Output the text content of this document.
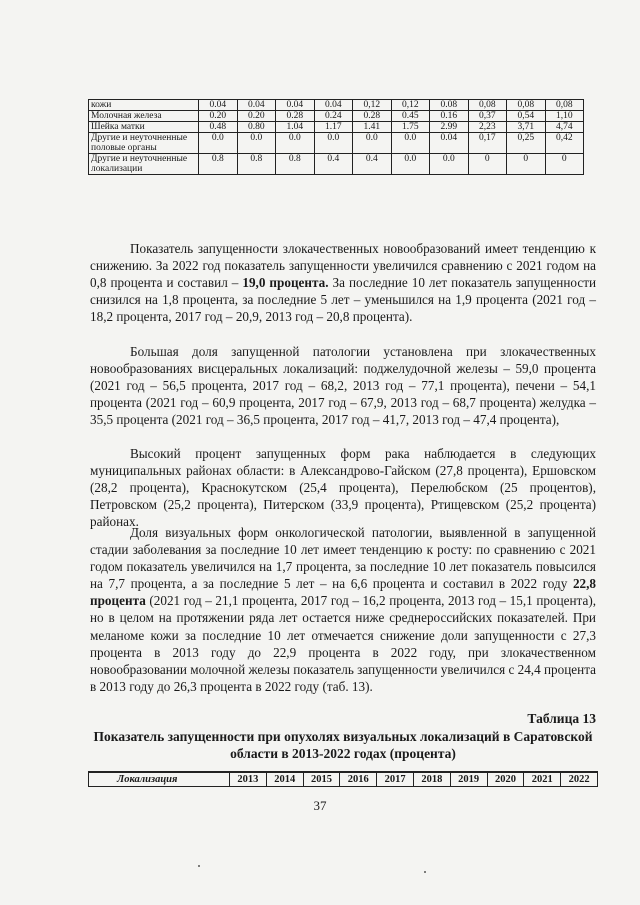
кожи	0.04	0.04	0.04	0.04	0,12	0,12	0.08	0,08	0,08	0,08
Молочная железа	0.20	0.20	0.28	0.24	0.28	0.45	0.16	0,37	0,54	1,10
Шейка матки	0.48	0.80	1.04	1.17	1.41	1.75	2.99	2,23	3,71	4,74
Другие и неуточненные половые органы	0.0	0.0	0.0	0.0	0.0	0.0	0.04	0,17	0,25	0,42
Другие и неуточненные локализации	0.8	0.8	0.8	0.4	0.4	0.0	0.0	0	0	0

Показатель запущенности злокачественных новообразований имеет тенденцию к снижению. За 2022 год показатель запущенности увеличился сравнению с 2021 годом на 0,8 процента и составил – 19,0 процента. За последние 10 лет показатель запущенности снизился на 1,8 процента, за последние 5 лет – уменьшился на 1,9 процента (2021 год – 18,2 процента, 2017 год – 20,9, 2013 год – 20,8 процента).

Большая доля запущенной патологии установлена при злокачественных новообразованиях висцеральных локализаций: поджелудочной железы – 59,0 процента (2021 год – 56,5 процента, 2017 год – 68,2, 2013 год – 77,1 процента), печени – 54,1 процента (2021 год – 60,9 процента, 2017 год – 67,9, 2013 год – 68,7 процента) желудка – 35,5 процента (2021 год – 36,5 процента, 2017 год – 41,7, 2013 год – 47,4 процента),

Высокий процент запущенных форм рака наблюдается в следующих муниципальных районах области: в Александрово-Гайском (27,8 процента), Ершовском (28,2 процента), Краснокутском (25,4 процента), Перелюбском (25 процентов), Петровском (25,2 процента), Питерском (33,9 процента), Ртищевском (25,2 процента) районах.

Доля визуальных форм онкологической патологии, выявленной в запущенной стадии заболевания за последние 10 лет имеет тенденцию к росту: по сравнению с 2021 годом показатель увеличился на 1,7 процента, за последние 10 лет показатель повысился на 7,7 процента, а за последние 5 лет – на 6,6 процента и составил в 2022 году 22,8 процента (2021 год – 21,1 процента, 2017 год – 16,2 процента, 2013 год – 15,1 процента), но в целом на протяжении ряда лет остается ниже среднероссийских показателей. При меланоме кожи за последние 10 лет отмечается снижение доли запущенности с 27,3 процента в 2013 году до 22,9 процента в 2022 году, при злокачественном новообразовании молочной железы показатель запущенности увеличился с 24,4 процента в 2013 году до 26,3 процента в 2022 году (таб. 13).

Таблица 13
Показатель запущенности при опухолях визуальных локализаций в Саратовской области в 2013-2022 годах (процента)
Локализация	2013	2014	2015	2016	2017	2018	2019	2020	2021	2022
37
